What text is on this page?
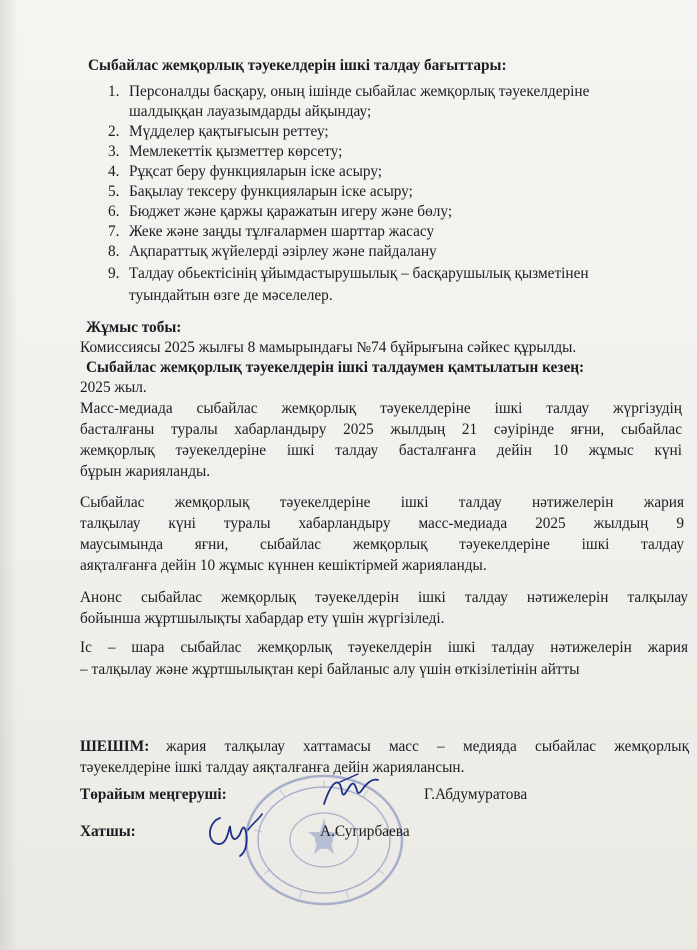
Сыбайлас жемқорлық тәуекелдерін ішкі талдау бағыттары:
1. Персоналды басқару, оның ішінде сыбайлас жемқорлық тәуекелдеріне
шалдыққан лауазымдарды айқындау;
2. Мүдделер қақтығысын реттеу;
3. Мемлекеттік қызметтер көрсету;
4. Рұқсат беру функцияларын іске асыру;
5. Бақылау тексеру функцияларын іске асыру;
6. Бюджет және қаржы қаражатын игеру және бөлу;
7. Жеке және заңды тұлғалармен шарттар жасасу
8. Ақпараттық жүйелерді әзірлеу және пайдалану
9. Талдау обьектісінің ұйымдастырушылық – басқарушылық қызметінен
туындайтын өзге де мәселелер.
Жұмыс тобы:
Комиссиясы 2025 жылғы 8 мамырындағы №74 бұйрығына сәйкес құрылды.
Сыбайлас жемқорлық тәуекелдерін ішкі талдаумен қамтылатын кезең:
2025 жыл.
Масс-медиада сыбайлас жемқорлық тәуекелдеріне ішкі талдау жүргізудің
басталғаны туралы хабарландыру 2025 жылдың 21 сәуірінде яғни, сыбайлас
жемқорлық тәуекелдеріне ішкі талдау басталғанға дейін 10 жұмыс күні
бұрын жарияланды.
Сыбайлас жемқорлық тәуекелдеріне ішкі талдау нәтижелерін жария
талқылау күні туралы хабарландыру масс-медиада 2025 жылдың 9
маусымында яғни, сыбайлас жемқорлық тәуекелдеріне ішкі талдау
аяқталғанға дейін 10 жұмыс күннен кешіктірмей жарияланды.
Анонс сыбайлас жемқорлық тәуекелдерін ішкі талдау нәтижелерін талқылау
бойынша жұртшылықты хабардар ету үшін жүргізіледі.
Іс – шара сыбайлас жемқорлық тәуекелдерін ішкі талдау нәтижелерін жария
– талқылау және жұртшылықтан кері байланыс алу үшін өткізілетінін айтты
ШЕШІМ: жария талқылау хаттамасы масс – медияда сыбайлас жемқорлық
тәуекелдеріне ішкі талдау аяқталғанға дейін жариялансын.
Төрайым меңгеруші:	Г.Абдумуратова
Хатшы:	А.Сугирбаева
